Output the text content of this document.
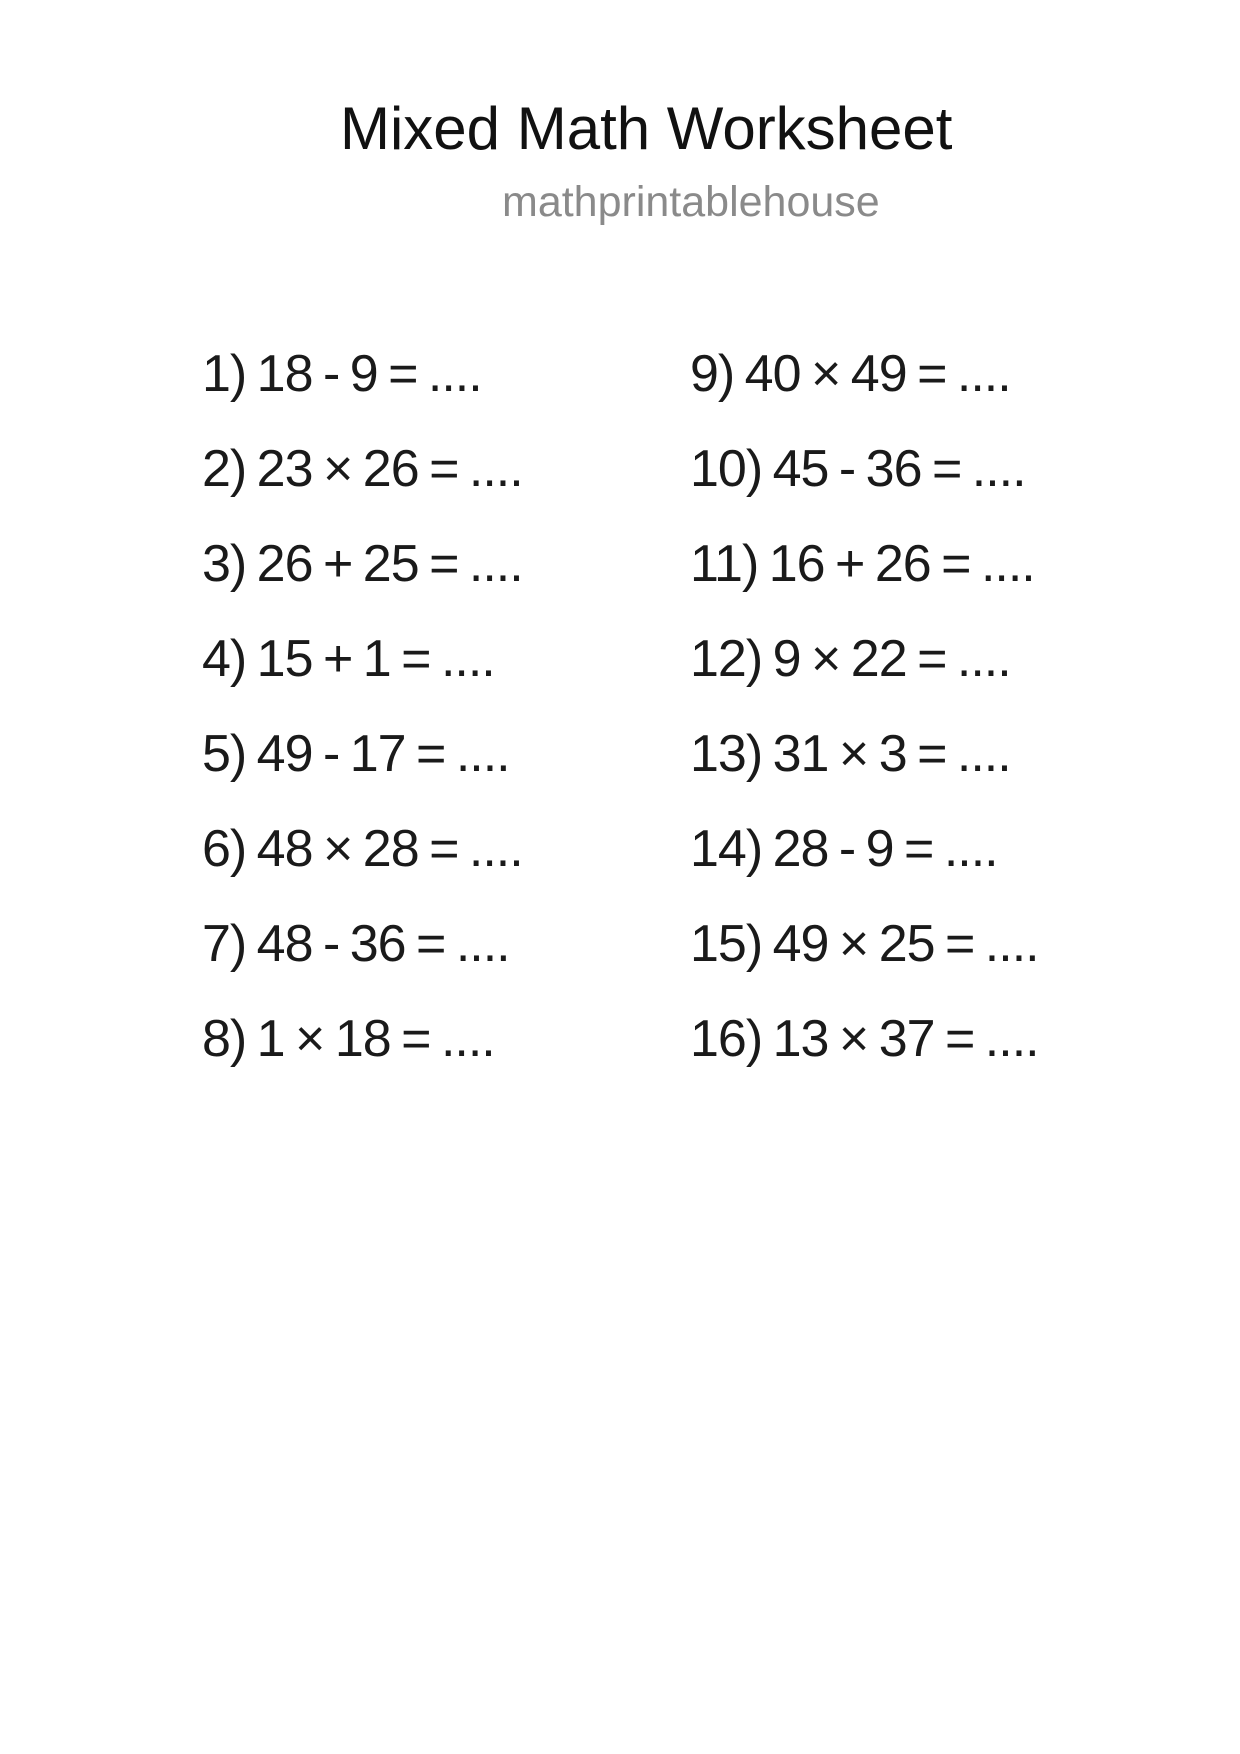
Mixed Math Worksheet
mathprintablehouse
1) 18 - 9 = ....
2) 23 × 26 = ....
3) 26 + 25 = ....
4) 15 + 1 = ....
5) 49 - 17 = ....
6) 48 × 28 = ....
7) 48 - 36 = ....
8) 1 × 18 = ....
9) 40 × 49 = ....
10) 45 - 36 = ....
11) 16 + 26 = ....
12) 9 × 22 = ....
13) 31 × 3 = ....
14) 28 - 9 = ....
15) 49 × 25 = ....
16) 13 × 37 = ....
